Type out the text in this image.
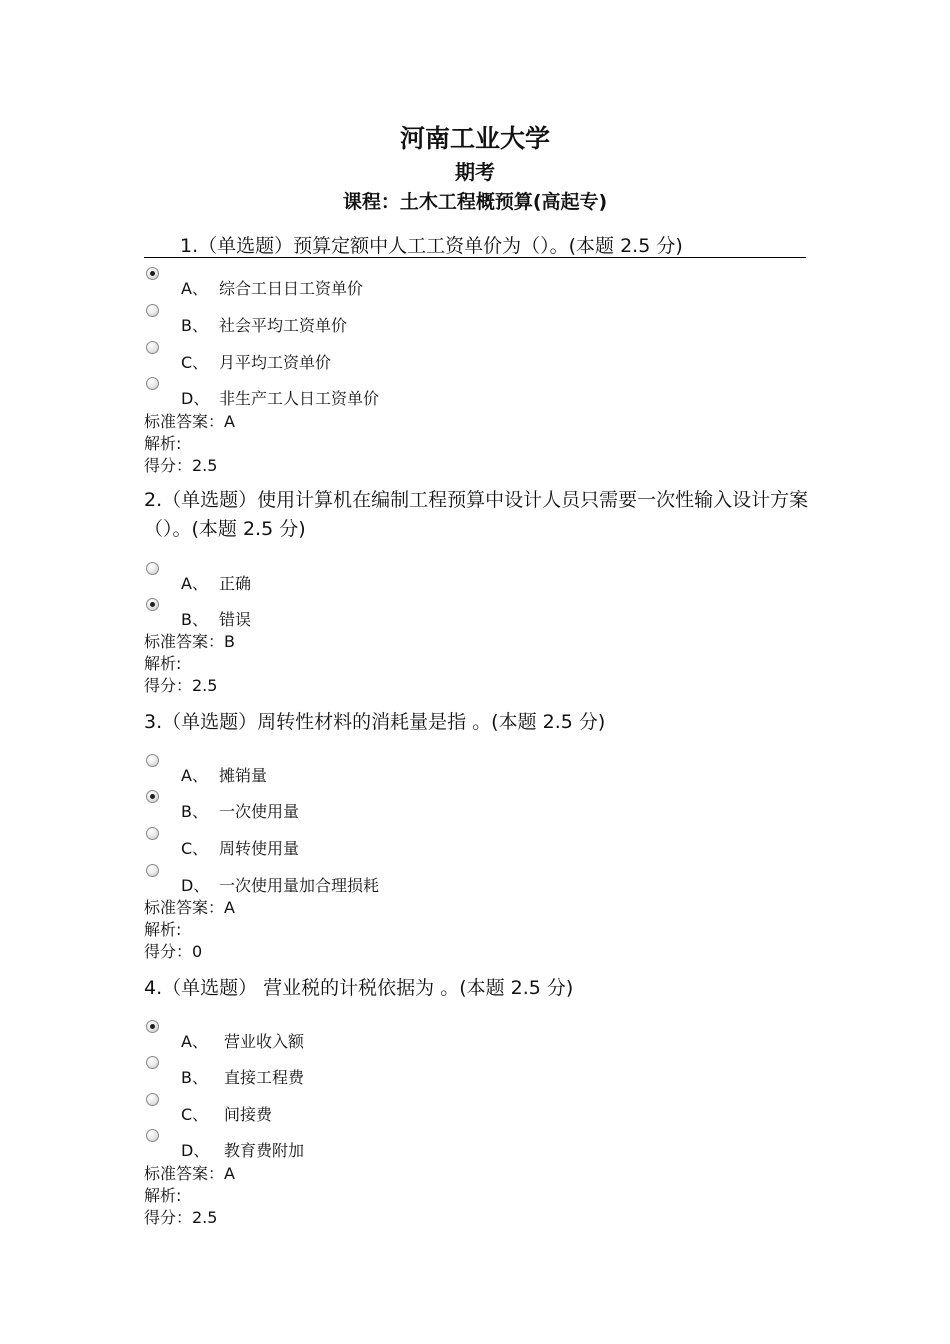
河南工业大学
期考
课程：土木工程概预算(高起专)
1.（单选题）预算定额中人工工资单价为（）。(本题 2.5 分)
A、 综合工日日工资单价
B、 社会平均工资单价
C、 月平均工资单价
D、 非生产工人日工资单价
标准答案：A
解析:
得分：2.5
2.（单选题）使用计算机在编制工程预算中设计人员只需要一次性输入设计方案（）。(本题 2.5 分)
A、 正确
B、 错误
标准答案：B
解析:
得分：2.5
3.（单选题）周转性材料的消耗量是指 。(本题 2.5 分)
A、 摊销量
B、 一次使用量
C、 周转使用量
D、 一次使用量加合理损耗
标准答案：A
解析:
得分：0
4.（单选题） 营业税的计税依据为 。(本题 2.5 分)
A、 营业收入额
B、 直接工程费
C、 间接费
D、 教育费附加
标准答案：A
解析:
得分：2.5
